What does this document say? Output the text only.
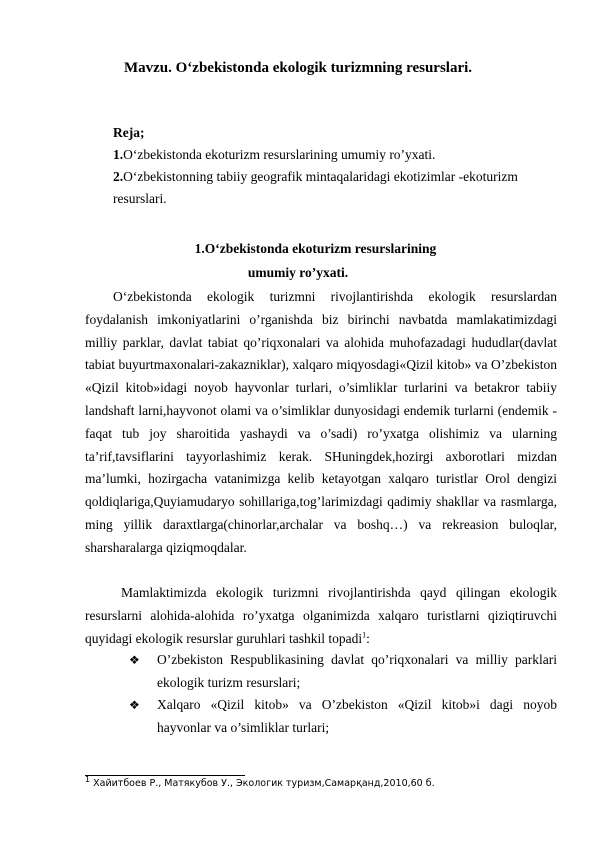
Mavzu. O‘zbekistonda ekologik turizmning resurslari.
Reja;
1.O‘zbekistonda ekoturizm resurslarining umumiy ro’yxati.
2.O‘zbekistonning tabiiy geografik mintaqalaridagi ekotizimlar -ekoturizm resurslari.
1.O‘zbekistonda ekoturizm resurslarining
umumiy ro’yxati.
O‘zbekistonda ekologik turizmni rivojlantirishda ekologik resurslardan foydalanish imkoniyatlarini o’rganishda biz birinchi navbatda mamlakatimizdagi milliy parklar, davlat tabiat qo’riqxonalari va alohida muhofazadagi hududlar(davlat tabiat buyurtmaxonalari-zakazniklar), xalqaro miqyosdagi«Qizil kitob» va O’zbekiston «Qizil kitob»idagi noyob hayvonlar turlari, o’simliklar turlarini va betakror tabiiy landshaft larni,hayvonot olami va o’simliklar dunyosidagi endemik turlarni (endemik -faqat tub joy sharoitida yashaydi va o’sadi) ro’yxatga olishimiz va ularning ta’rif,tavsiflarini tayyorlashimiz kerak. SHuningdek,hozirgi axborotlari mizdan ma’lumki, hozirgacha vatanimizga kelib ketayotgan xalqaro turistlar Orol dengizi qoldiqlariga,Quyiamudaryo sohillariga,tog’larimizdagi qadimiy shakllar va rasmlarga, ming yillik daraxtlarga(chinorlar,archalar va boshq…) va rekreasion buloqlar, sharsharalarga qiziqmoqdalar.
Mamlaktimizda ekologik turizmni rivojlantirishda qayd qilingan ekologik resurslarni alohida-alohida ro’yxatga olganimizda xalqaro turistlarni qiziqtiruvchi quyidagi ekologik resurslar guruhlari tashkil topadi$^1$:
❖ O’zbekiston Respublikasining davlat qo’riqxonalari va milliy parklari ekologik turizm resurslari;
❖ Xalqaro «Qizil kitob» va O’zbekiston «Qizil kitob»i dagi noyob hayvonlar va o’simliklar turlari;
$^1$ Хайитбоев Р., Матякубов У., Экологик туризм,Самарқанд,2010,60 б.
